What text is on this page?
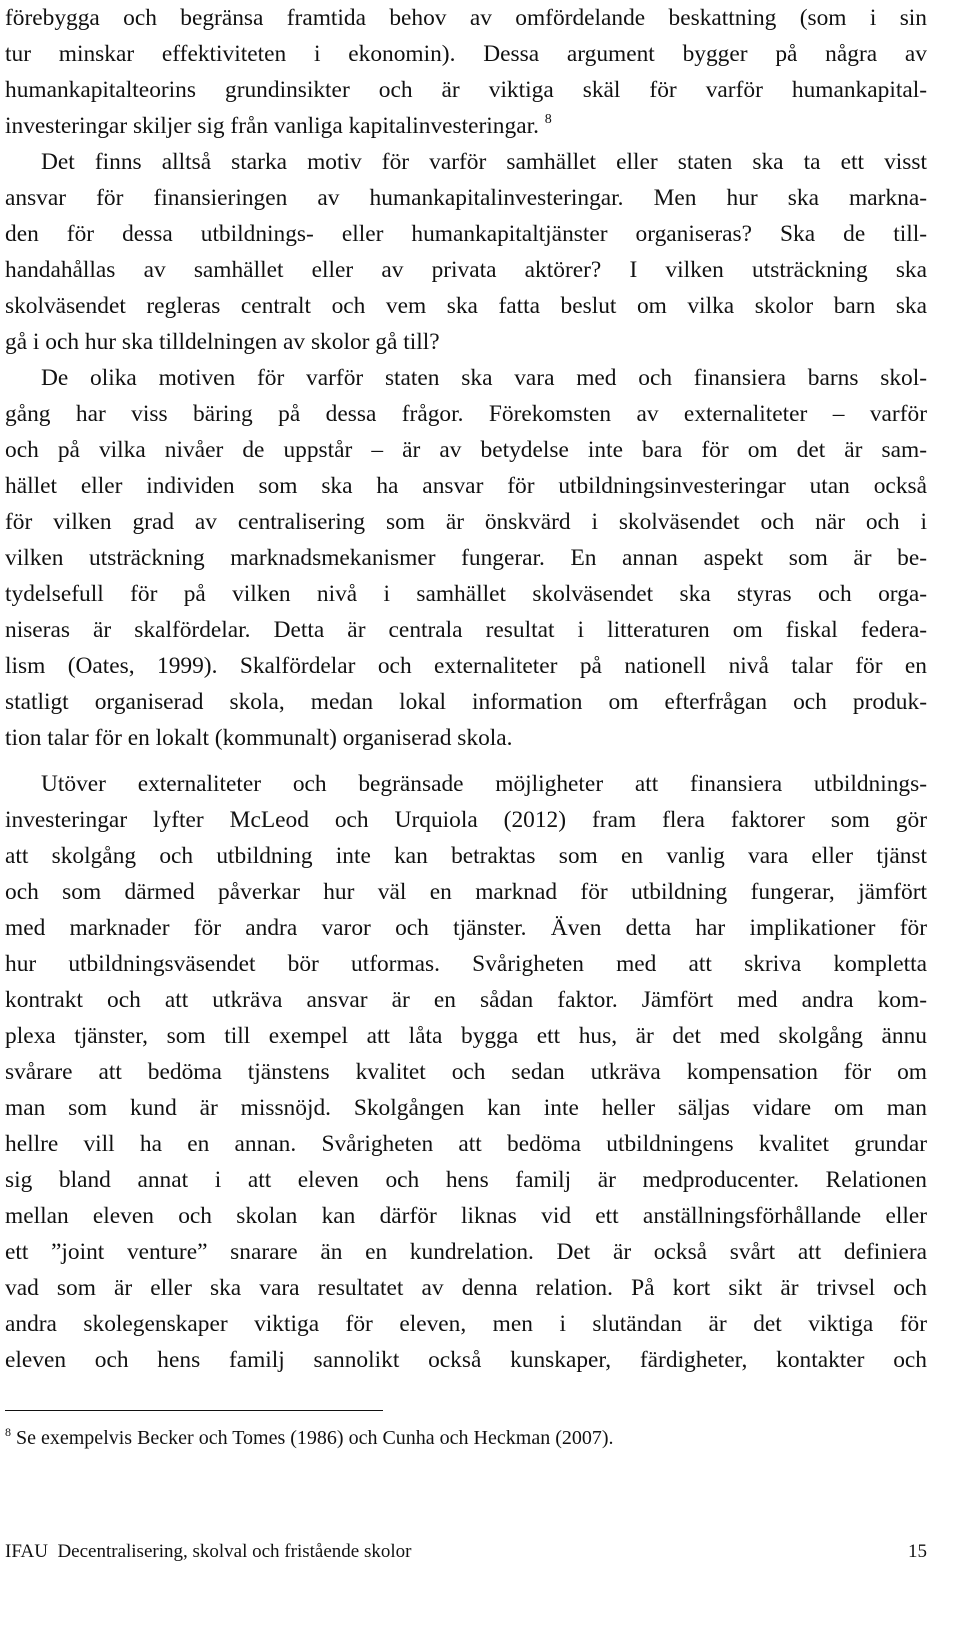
förebygga och begränsa framtida behov av omfördelande beskattning (som i sin
tur minskar effektiviteten i ekonomin). Dessa argument bygger på några av
humankapitalteorins grundinsikter och är viktiga skäl för varför humankapital-
investeringar skiljer sig från vanliga kapitalinvesteringar. $^8$
Det finns alltså starka motiv för varför samhället eller staten ska ta ett visst
ansvar för finansieringen av humankapitalinvesteringar. Men hur ska markna-
den för dessa utbildnings- eller humankapitaltjänster organiseras? Ska de till-
handahållas av samhället eller av privata aktörer? I vilken utsträckning ska
skolväsendet regleras centralt och vem ska fatta beslut om vilka skolor barn ska
gå i och hur ska tilldelningen av skolor gå till?
De olika motiven för varför staten ska vara med och finansiera barns skol-
gång har viss bäring på dessa frågor. Förekomsten av externaliteter – varför
och på vilka nivåer de uppstår – är av betydelse inte bara för om det är sam-
hället eller individen som ska ha ansvar för utbildningsinvesteringar utan också
för vilken grad av centralisering som är önskvärd i skolväsendet och när och i
vilken utsträckning marknadsmekanismer fungerar. En annan aspekt som är be-
tydelsefull för på vilken nivå i samhället skolväsendet ska styras och orga-
niseras är skalfördelar. Detta är centrala resultat i litteraturen om fiskal federa-
lism (Oates, 1999). Skalfördelar och externaliteter på nationell nivå talar för en
statligt organiserad skola, medan lokal information om efterfrågan och produk-
tion talar för en lokalt (kommunalt) organiserad skola.
Utöver externaliteter och begränsade möjligheter att finansiera utbildnings-
investeringar lyfter McLeod och Urquiola (2012) fram flera faktorer som gör
att skolgång och utbildning inte kan betraktas som en vanlig vara eller tjänst
och som därmed påverkar hur väl en marknad för utbildning fungerar, jämfört
med marknader för andra varor och tjänster. Även detta har implikationer för
hur utbildningsväsendet bör utformas. Svårigheten med att skriva kompletta
kontrakt och att utkräva ansvar är en sådan faktor. Jämfört med andra kom-
plexa tjänster, som till exempel att låta bygga ett hus, är det med skolgång ännu
svårare att bedöma tjänstens kvalitet och sedan utkräva kompensation för om
man som kund är missnöjd. Skolgången kan inte heller säljas vidare om man
hellre vill ha en annan. Svårigheten att bedöma utbildningens kvalitet grundar
sig bland annat i att eleven och hens familj är medproducenter. Relationen
mellan eleven och skolan kan därför liknas vid ett anställningsförhållande eller
ett ”joint venture” snarare än en kundrelation. Det är också svårt att definiera
vad som är eller ska vara resultatet av denna relation. På kort sikt är trivsel och
andra skolegenskaper viktiga för eleven, men i slutändan är det viktiga för
eleven och hens familj sannolikt också kunskaper, färdigheter, kontakter och
$^8$ Se exempelvis Becker och Tomes (1986) och Cunha och Heckman (2007).
IFAU Decentralisering, skolval och fristående skolor	15
